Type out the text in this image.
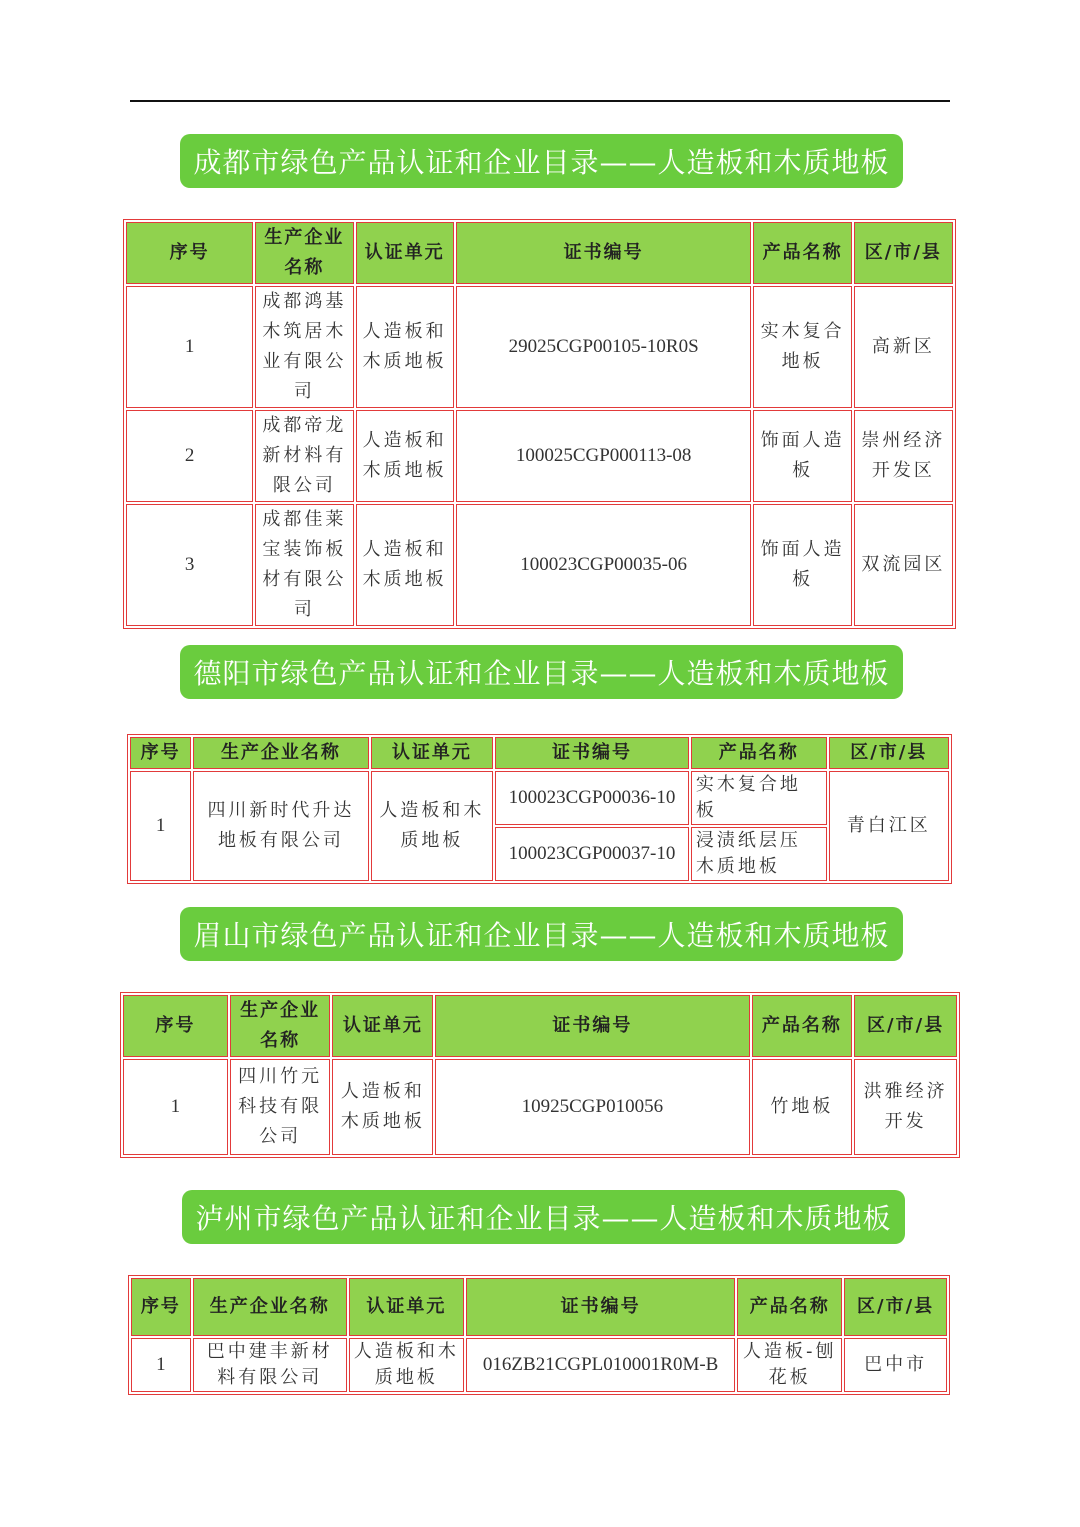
成都市绿色产品认证和企业目录——人造板和木质地板
序号	生产企业名称	认证单元	证书编号	产品名称	区/市/县
1	成都鸿基木筑居木业有限公司	人造板和木质地板	29025CGP00105-10R0S	实木复合地板	高新区
2	成都帝龙新材料有限公司	人造板和木质地板	100025CGP000113-08	饰面人造板	崇州经济开发区
3	成都佳莱宝装饰板材有限公司	人造板和木质地板	100023CGP00035-06	饰面人造板	双流园区
德阳市绿色产品认证和企业目录——人造板和木质地板
序号	生产企业名称	认证单元	证书编号	产品名称	区/市/县
1	四川新时代升达地板有限公司	人造板和木质地板	100023CGP00036-10	实木复合地板	青白江区
			100023CGP00037-10	浸渍纸层压木质地板	
眉山市绿色产品认证和企业目录——人造板和木质地板
序号	生产企业名称	认证单元	证书编号	产品名称	区/市/县
1	四川竹元科技有限公司	人造板和木质地板	10925CGP010056	竹地板	洪雅经济开发
泸州市绿色产品认证和企业目录——人造板和木质地板
序号	生产企业名称	认证单元	证书编号	产品名称	区/市/县
1	巴中建丰新材料有限公司	人造板和木质地板	016ZB21CGPL010001R0M-B	人造板-刨花板	巴中市
